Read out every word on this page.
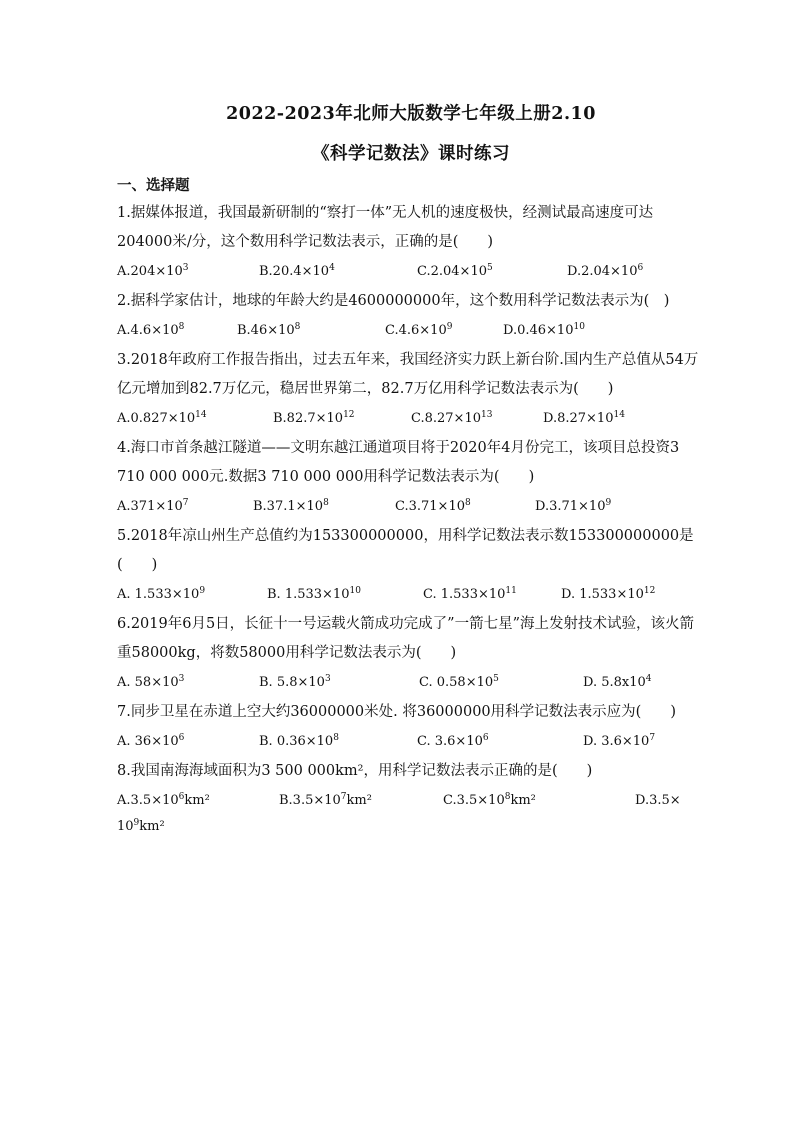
2022-2023年北师大版数学七年级上册2.10
《科学记数法》课时练习
一、选择题

1.据媒体报道，我国最新研制的“察打一体”无人机的速度极快，经测试最高速度可达204000米/分，这个数用科学记数法表示，正确的是(　　)

$A.204\times 10^3$	$B.20.4\times 10^4$	$C.2.04\times 10^5$	$D.2.04\times 10^6$

2.据科学家估计，地球的年龄大约是4600000000年，这个数用科学记数法表示为(　)

$A.4.6\times 10^8$	$B.46\times 10^8$	$C.4.6\times 10^9$	$D.0.46\times 10^{10}$

3.2018年政府工作报告指出，过去五年来，我国经济实力跃上新台阶.国内生产总值从54万亿元增加到82.7万亿元，稳居世界第二，82.7万亿用科学记数法表示为(　　)

$A.0.827\times 10^{14}$	$B.82.7\times 10^{12}$	$C.8.27\times 10^{13}$	$D.8.27\times 10^{14}$

4.海口市首条越江隧道——文明东越江通道项目将于2020年4月份完工，该项目总投资3 710 000 000元.数据3 710 000 000用科学记数法表示为(　　)

$A.371\times 10^7$	$B.37.1\times 10^8$	$C.3.71\times 10^8$	$D.3.71\times 10^9$

5.2018年凉山州生产总值约为153300000000，用科学记数法表示数153300000000是(　　)

A. $1.533\times 10^9$	B. $1.533\times 10^{10}$	C. $1.533\times 10^{11}$	D. $1.533\times 10^{12}$

6.2019年6月5日，长征十一号运载火箭成功完成了”一箭七星”海上发射技术试验，该火箭重58000kg，将数58000用科学记数法表示为(　　)

A. $58\times 10^3$	B. $5.8\times 10^3$	C. $0.58\times 10^5$	D. $5.8x10^4$

7.同步卫星在赤道上空大约36000000米处. 将36000000用科学记数法表示应为(　　)

A. $36\times 10^6$	B. $0.36\times 10^8$	C. $3.6\times 10^6$	D. $3.6\times 10^7$

8.我国南海海域面积为3 500 000km²，用科学记数法表示正确的是(　　)

$A.3.5\times 10^6km^2$	$B.3.5\times 10^7km^2$	$C.3.5\times 10^8km^2$	D.3.5×
$10^9km^2$
